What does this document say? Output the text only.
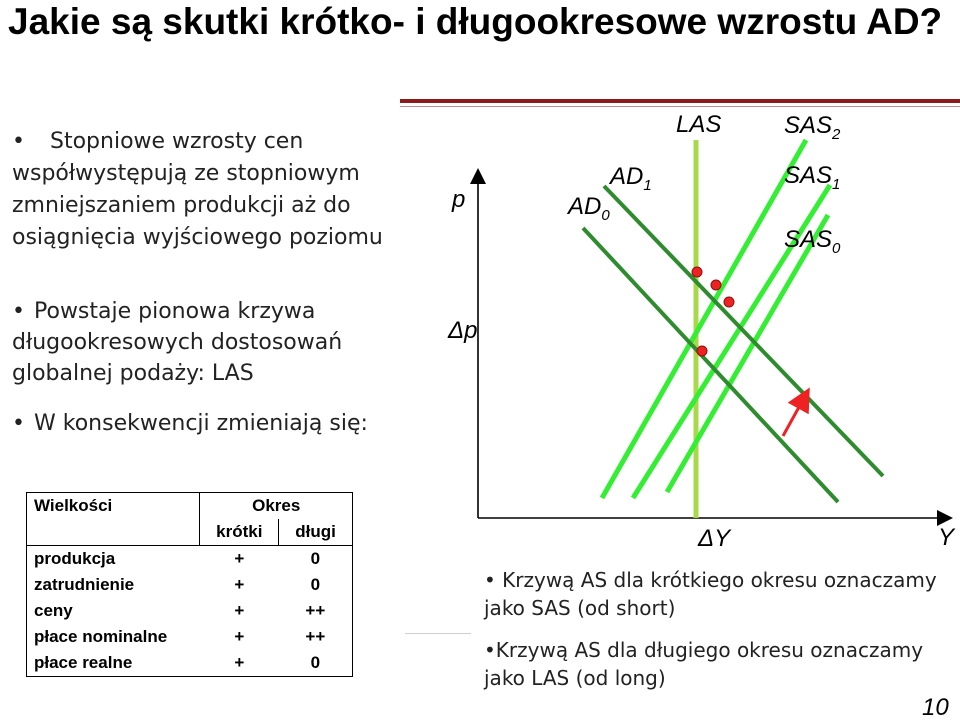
Jakie są skutki krótko- i długookresowe wzrostu AD?
• Stopniowe wzrosty cen współwystępują ze stopniowym zmniejszaniem produkcji aż do osiągnięcia wyjściowego poziomu
• Powstaje pionowa krzywa długookresowych dostosowań globalnej podaży: LAS
• W konsekwencji zmieniają się:
Wielkości	Okres	
	krótki	długi
produkcja	+	0
zatrudnienie	+	0
ceny	+	++
płace nominalne	+	++
płace realne	+	0
p
Δp
ΔY	Y
LAS	$SAS_2$
$SAS_1$
$SAS_0$
$AD_1$
$AD_0$
• Krzywą AS dla krótkiego okresu oznaczamy jako SAS (od short)
•Krzywą AS dla długiego okresu oznaczamy jako LAS (od long)
10
